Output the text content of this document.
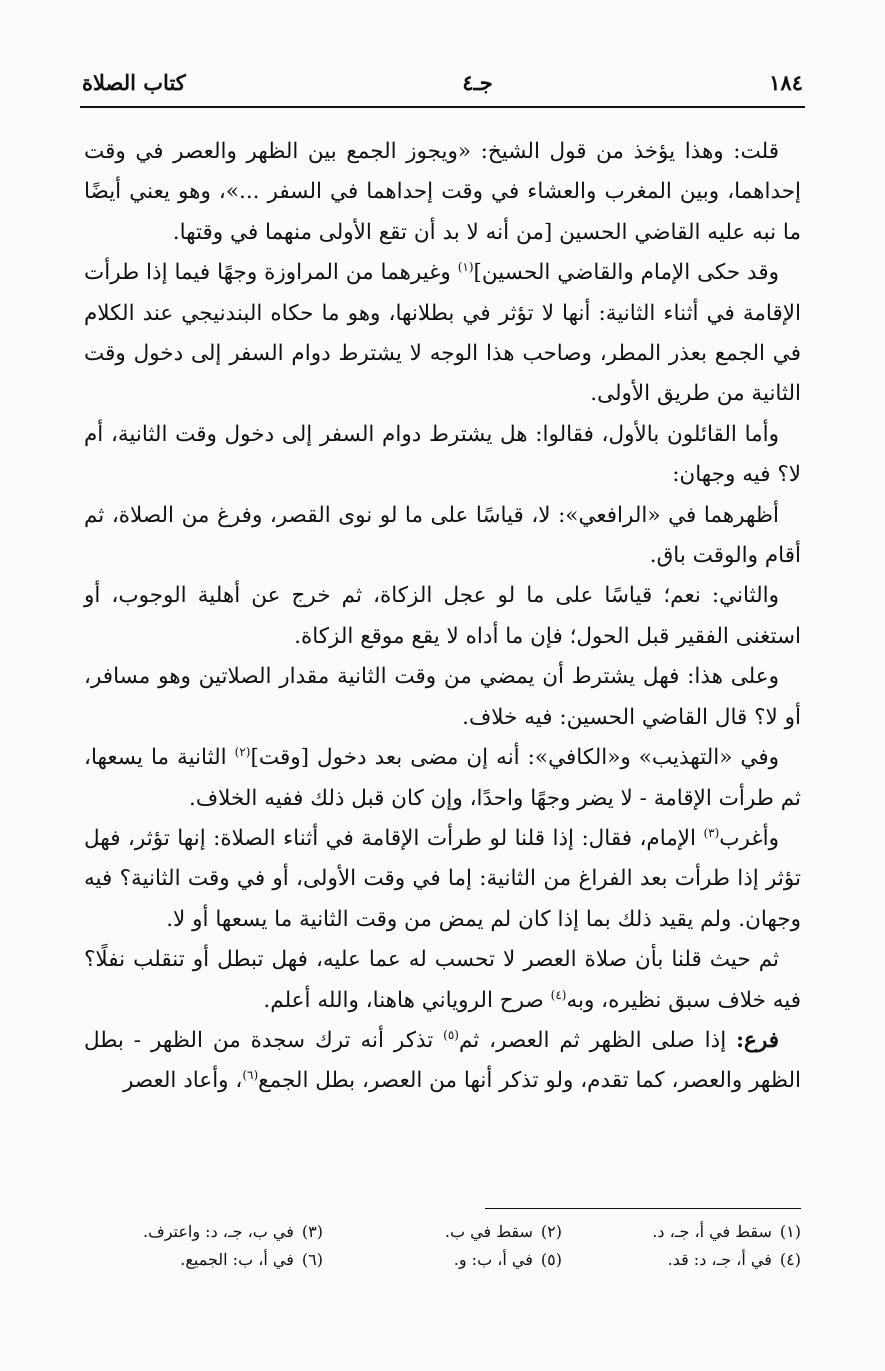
١٨٤
جـ٤
كتاب الصلاة

قلت: وهذا يؤخذ من قول الشيخ: «ويجوز الجمع بين الظهر والعصر في وقت إحداهما، وبين المغرب والعشاء في وقت إحداهما في السفر ...»، وهو يعني أيضًا ما نبه عليه القاضي الحسين [من أنه لا بد أن تقع الأولى منهما في وقتها.

وقد حكى الإمام والقاضي الحسين]$^{(١)}$ وغيرهما من المراوزة وجهًا فيما إذا طرأت الإقامة في أثناء الثانية: أنها لا تؤثر في بطلانها، وهو ما حكاه البندنيجي عند الكلام في الجمع بعذر المطر، وصاحب هذا الوجه لا يشترط دوام السفر إلى دخول وقت الثانية من طريق الأولى.

وأما القائلون بالأول، فقالوا: هل يشترط دوام السفر إلى دخول وقت الثانية، أم لا؟ فيه وجهان:

أظهرهما في «الرافعي»: لا، قياسًا على ما لو نوى القصر، وفرغ من الصلاة، ثم أقام والوقت باق.

والثاني: نعم؛ قياسًا على ما لو عجل الزكاة، ثم خرج عن أهلية الوجوب، أو استغنى الفقير قبل الحول؛ فإن ما أداه لا يقع موقع الزكاة.

وعلى هذا: فهل يشترط أن يمضي من وقت الثانية مقدار الصلاتين وهو مسافر، أو لا؟ قال القاضي الحسين: فيه خلاف.

وفي «التهذيب» و«الكافي»: أنه إن مضى بعد دخول [وقت]$^{(٢)}$ الثانية ما يسعها، ثم طرأت الإقامة - لا يضر وجهًا واحدًا، وإن كان قبل ذلك ففيه الخلاف.

وأغرب$^{(٣)}$ الإمام، فقال: إذا قلنا لو طرأت الإقامة في أثناء الصلاة: إنها تؤثر، فهل تؤثر إذا طرأت بعد الفراغ من الثانية: إما في وقت الأولى، أو في وقت الثانية؟ فيه وجهان. ولم يقيد ذلك بما إذا كان لم يمض من وقت الثانية ما يسعها أو لا.

ثم حيث قلنا بأن صلاة العصر لا تحسب له عما عليه، فهل تبطل أو تنقلب نفلًا؟ فيه خلاف سبق نظيره، وبه$^{(٤)}$ صرح الروياني هاهنا، والله أعلم.

فرع: إذا صلى الظهر ثم العصر، ثم$^{(٥)}$ تذكر أنه ترك سجدة من الظهر - بطل الظهر والعصر، كما تقدم، ولو تذكر أنها من العصر، بطل الجمع$^{(٦)}$، وأعاد العصر

(١)سقط في أ، جـ، د.
(٢)سقط في ب.
(٣)في ب، جـ، د: واعترف.
(٤)في أ، جـ، د: قد.
(٥)في أ، ب: و.
(٦)في أ، ب: الجميع.
